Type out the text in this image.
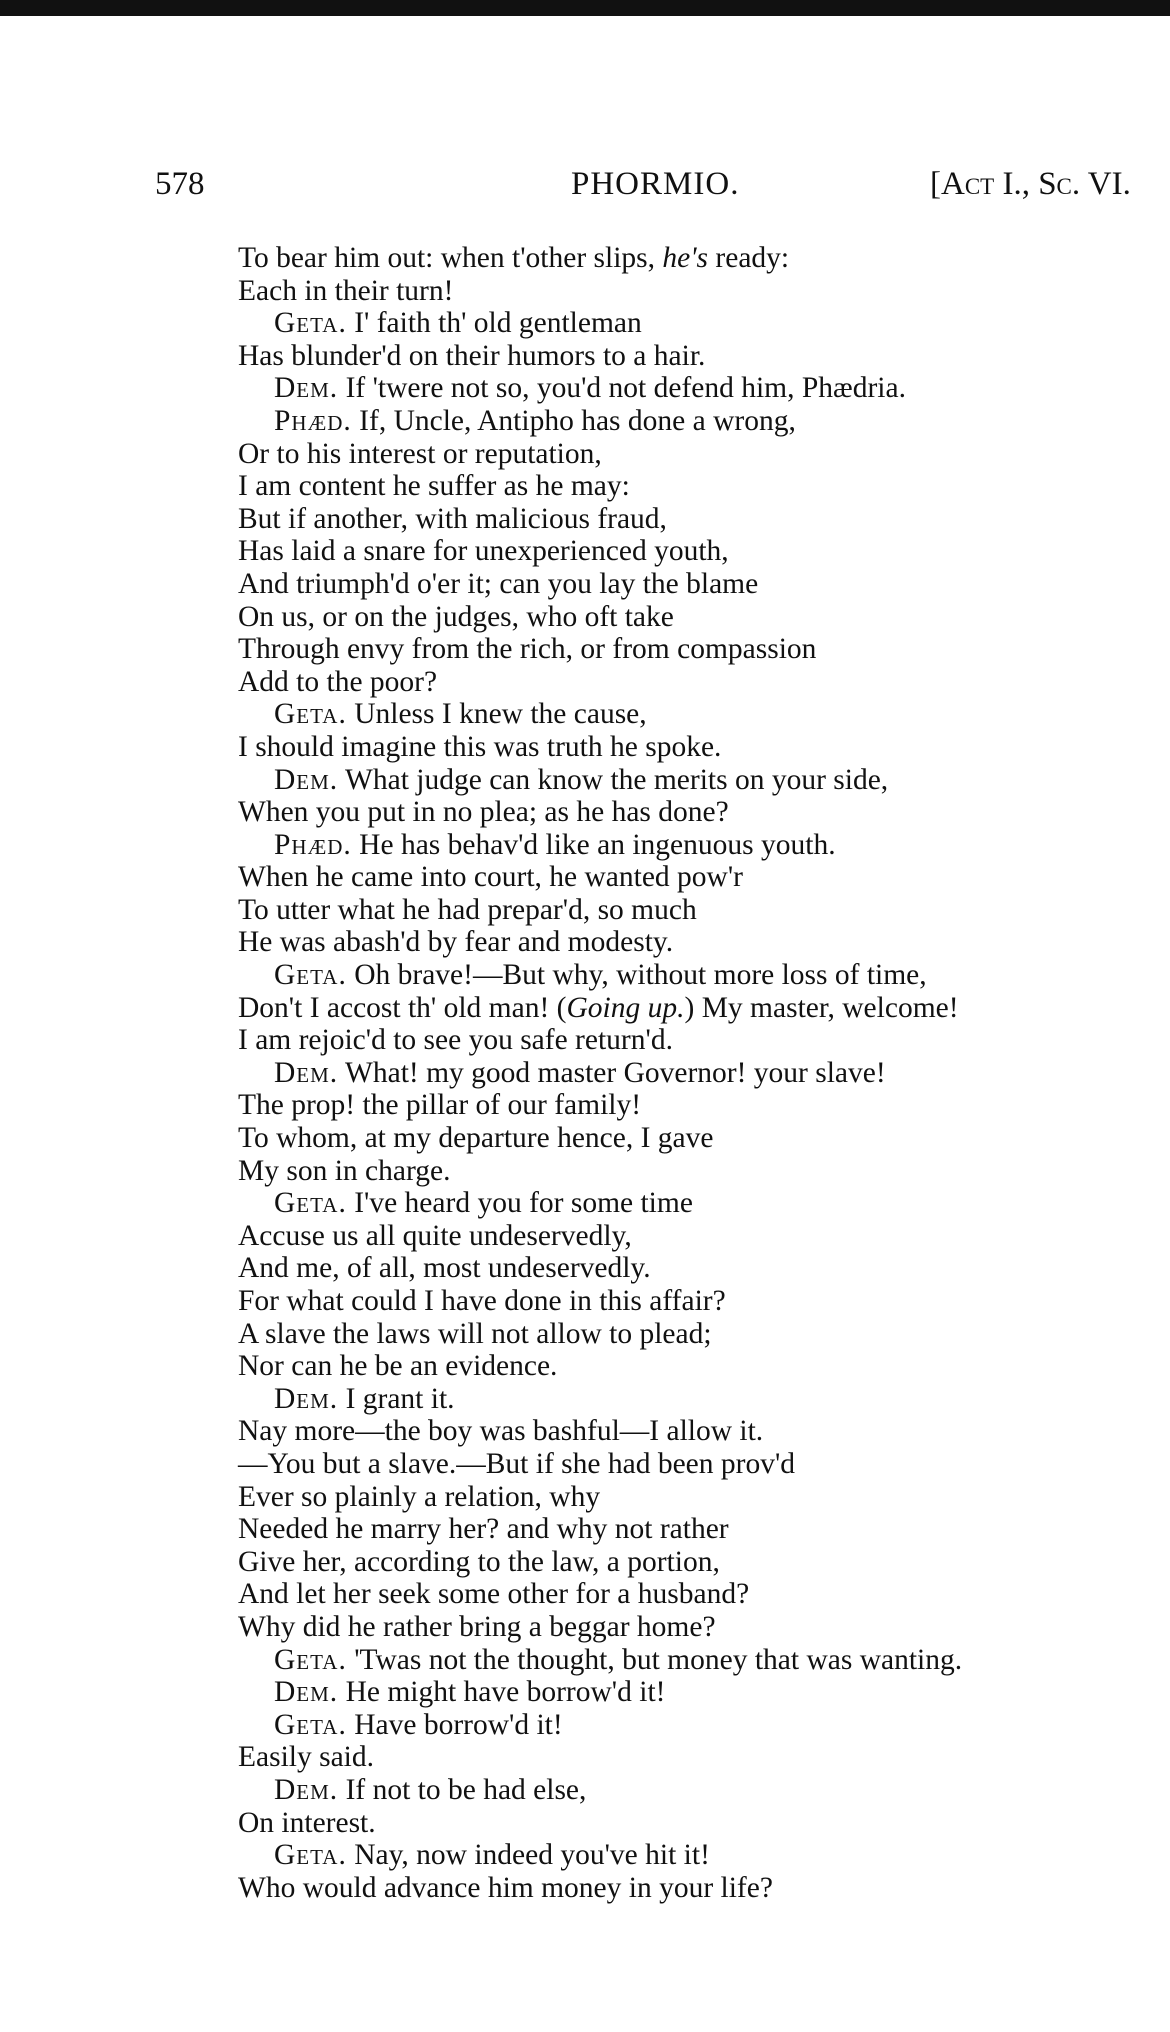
578	PHORMIO.	[Act I., Sc. VI.
To bear him out: when t'other slips, he's ready:
Each in their turn!
Geta. I' faith th' old gentleman
Has blunder'd on their humors to a hair.
Dem. If 'twere not so, you'd not defend him, Phædria.
Phæd. If, Uncle, Antipho has done a wrong,
Or to his interest or reputation,
I am content he suffer as he may:
But if another, with malicious fraud,
Has laid a snare for unexperienced youth,
And triumph'd o'er it; can you lay the blame
On us, or on the judges, who oft take
Through envy from the rich, or from compassion
Add to the poor?
Geta. Unless I knew the cause,
I should imagine this was truth he spoke.
Dem. What judge can know the merits on your side,
When you put in no plea; as he has done?
Phæd. He has behav'd like an ingenuous youth.
When he came into court, he wanted pow'r
To utter what he had prepar'd, so much
He was abash'd by fear and modesty.
Geta. Oh brave!—But why, without more loss of time,
Don't I accost th' old man! (Going up.) My master, welcome!
I am rejoic'd to see you safe return'd.
Dem. What! my good master Governor! your slave!
The prop! the pillar of our family!
To whom, at my departure hence, I gave
My son in charge.
Geta. I've heard you for some time
Accuse us all quite undeservedly,
And me, of all, most undeservedly.
For what could I have done in this affair?
A slave the laws will not allow to plead;
Nor can he be an evidence.
Dem. I grant it.
Nay more—the boy was bashful—I allow it.
—You but a slave.—But if she had been prov'd
Ever so plainly a relation, why
Needed he marry her? and why not rather
Give her, according to the law, a portion,
And let her seek some other for a husband?
Why did he rather bring a beggar home?
Geta. 'Twas not the thought, but money that was wanting.
Dem. He might have borrow'd it!
Geta. Have borrow'd it!
Easily said.
Dem. If not to be had else,
On interest.
Geta. Nay, now indeed you've hit it!
Who would advance him money in your life?
